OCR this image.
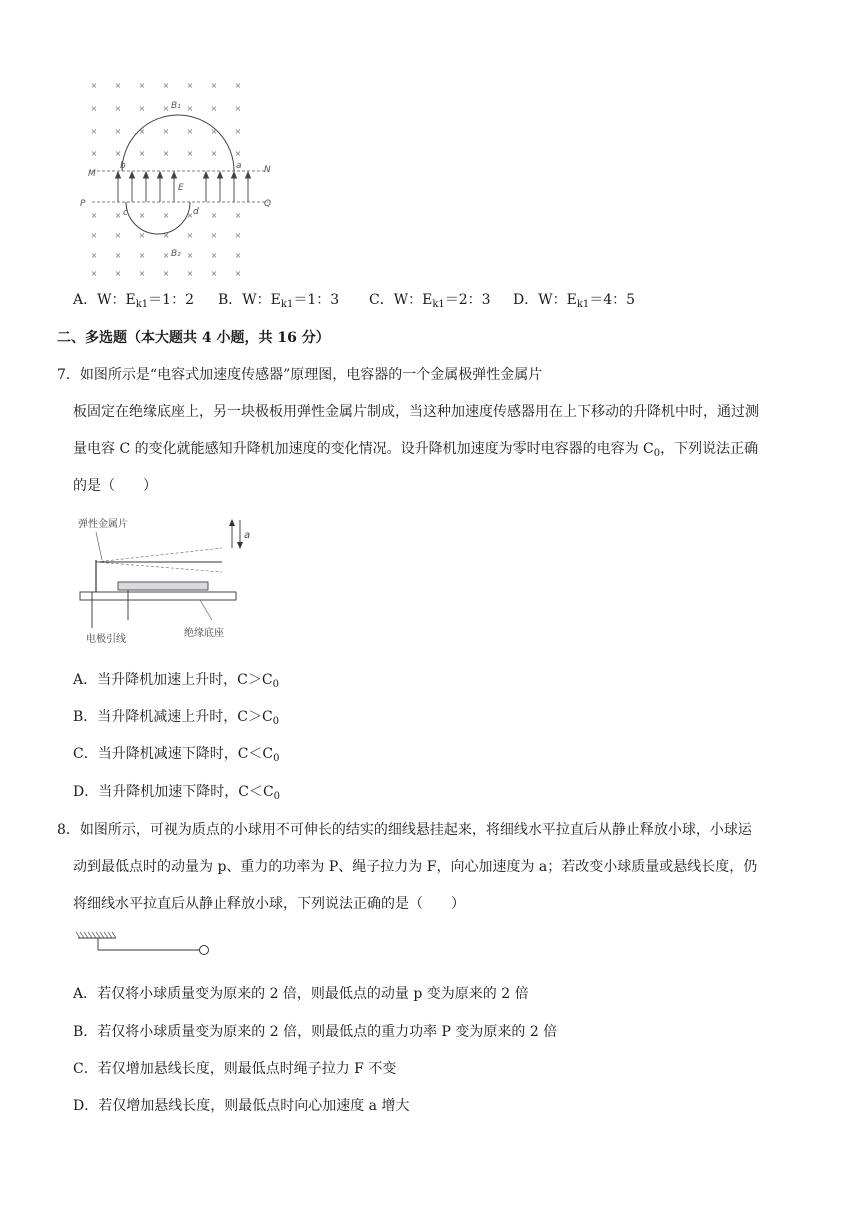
× × × × × × ×
× × × × × × ×
× × × × × × ×
× × × × × × ×
× × × × × × ×
× × × × × × ×
× × × × × × ×
× × × × × × ×
M	N
P	Q
b	a
c	d
E
B₁
B₂
A．W：$E_{k1}=1$：2 B．W：$E_{k1}=1$：3 C．W：$E_{k1}=2$：3 D．W：$E_{k1}=4$：5
二、多选题（本大题共 4 小题，共 16 分）
7．如图所示是“电容式加速度传感器”原理图，电容器的一个金属极弹性金属片
板固定在绝缘底座上，另一块极板用弹性金属片制成，当这种加速度传感器用在上下移动的升降机中时，通过测
量电容 C 的变化就能感知升降机加速度的变化情况。设升降机加速度为零时电容器的电容为 $C_0$，下列说法正确
的是（　　）
弹性金属片
电极引线
绝缘底座
a
A．当升降机加速上升时，$C>C_0$
B．当升降机减速上升时，$C>C_0$
C．当升降机减速下降时，$C<C_0$
D．当升降机加速下降时，$C<C_0$
8．如图所示，可视为质点的小球用不可伸长的结实的细线悬挂起来，将细线水平拉直后从静止释放小球，小球运
动到最低点时的动量为 p、重力的功率为 P、绳子拉力为 F，向心加速度为 a；若改变小球质量或悬线长度，仍
将细线水平拉直后从静止释放小球，下列说法正确的是（　　）
A．若仅将小球质量变为原来的 2 倍，则最低点的动量 p 变为原来的 2 倍
B．若仅将小球质量变为原来的 2 倍，则最低点的重力功率 P 变为原来的 2 倍
C．若仅增加悬线长度，则最低点时绳子拉力 F 不变
D．若仅增加悬线长度，则最低点时向心加速度 a 增大
